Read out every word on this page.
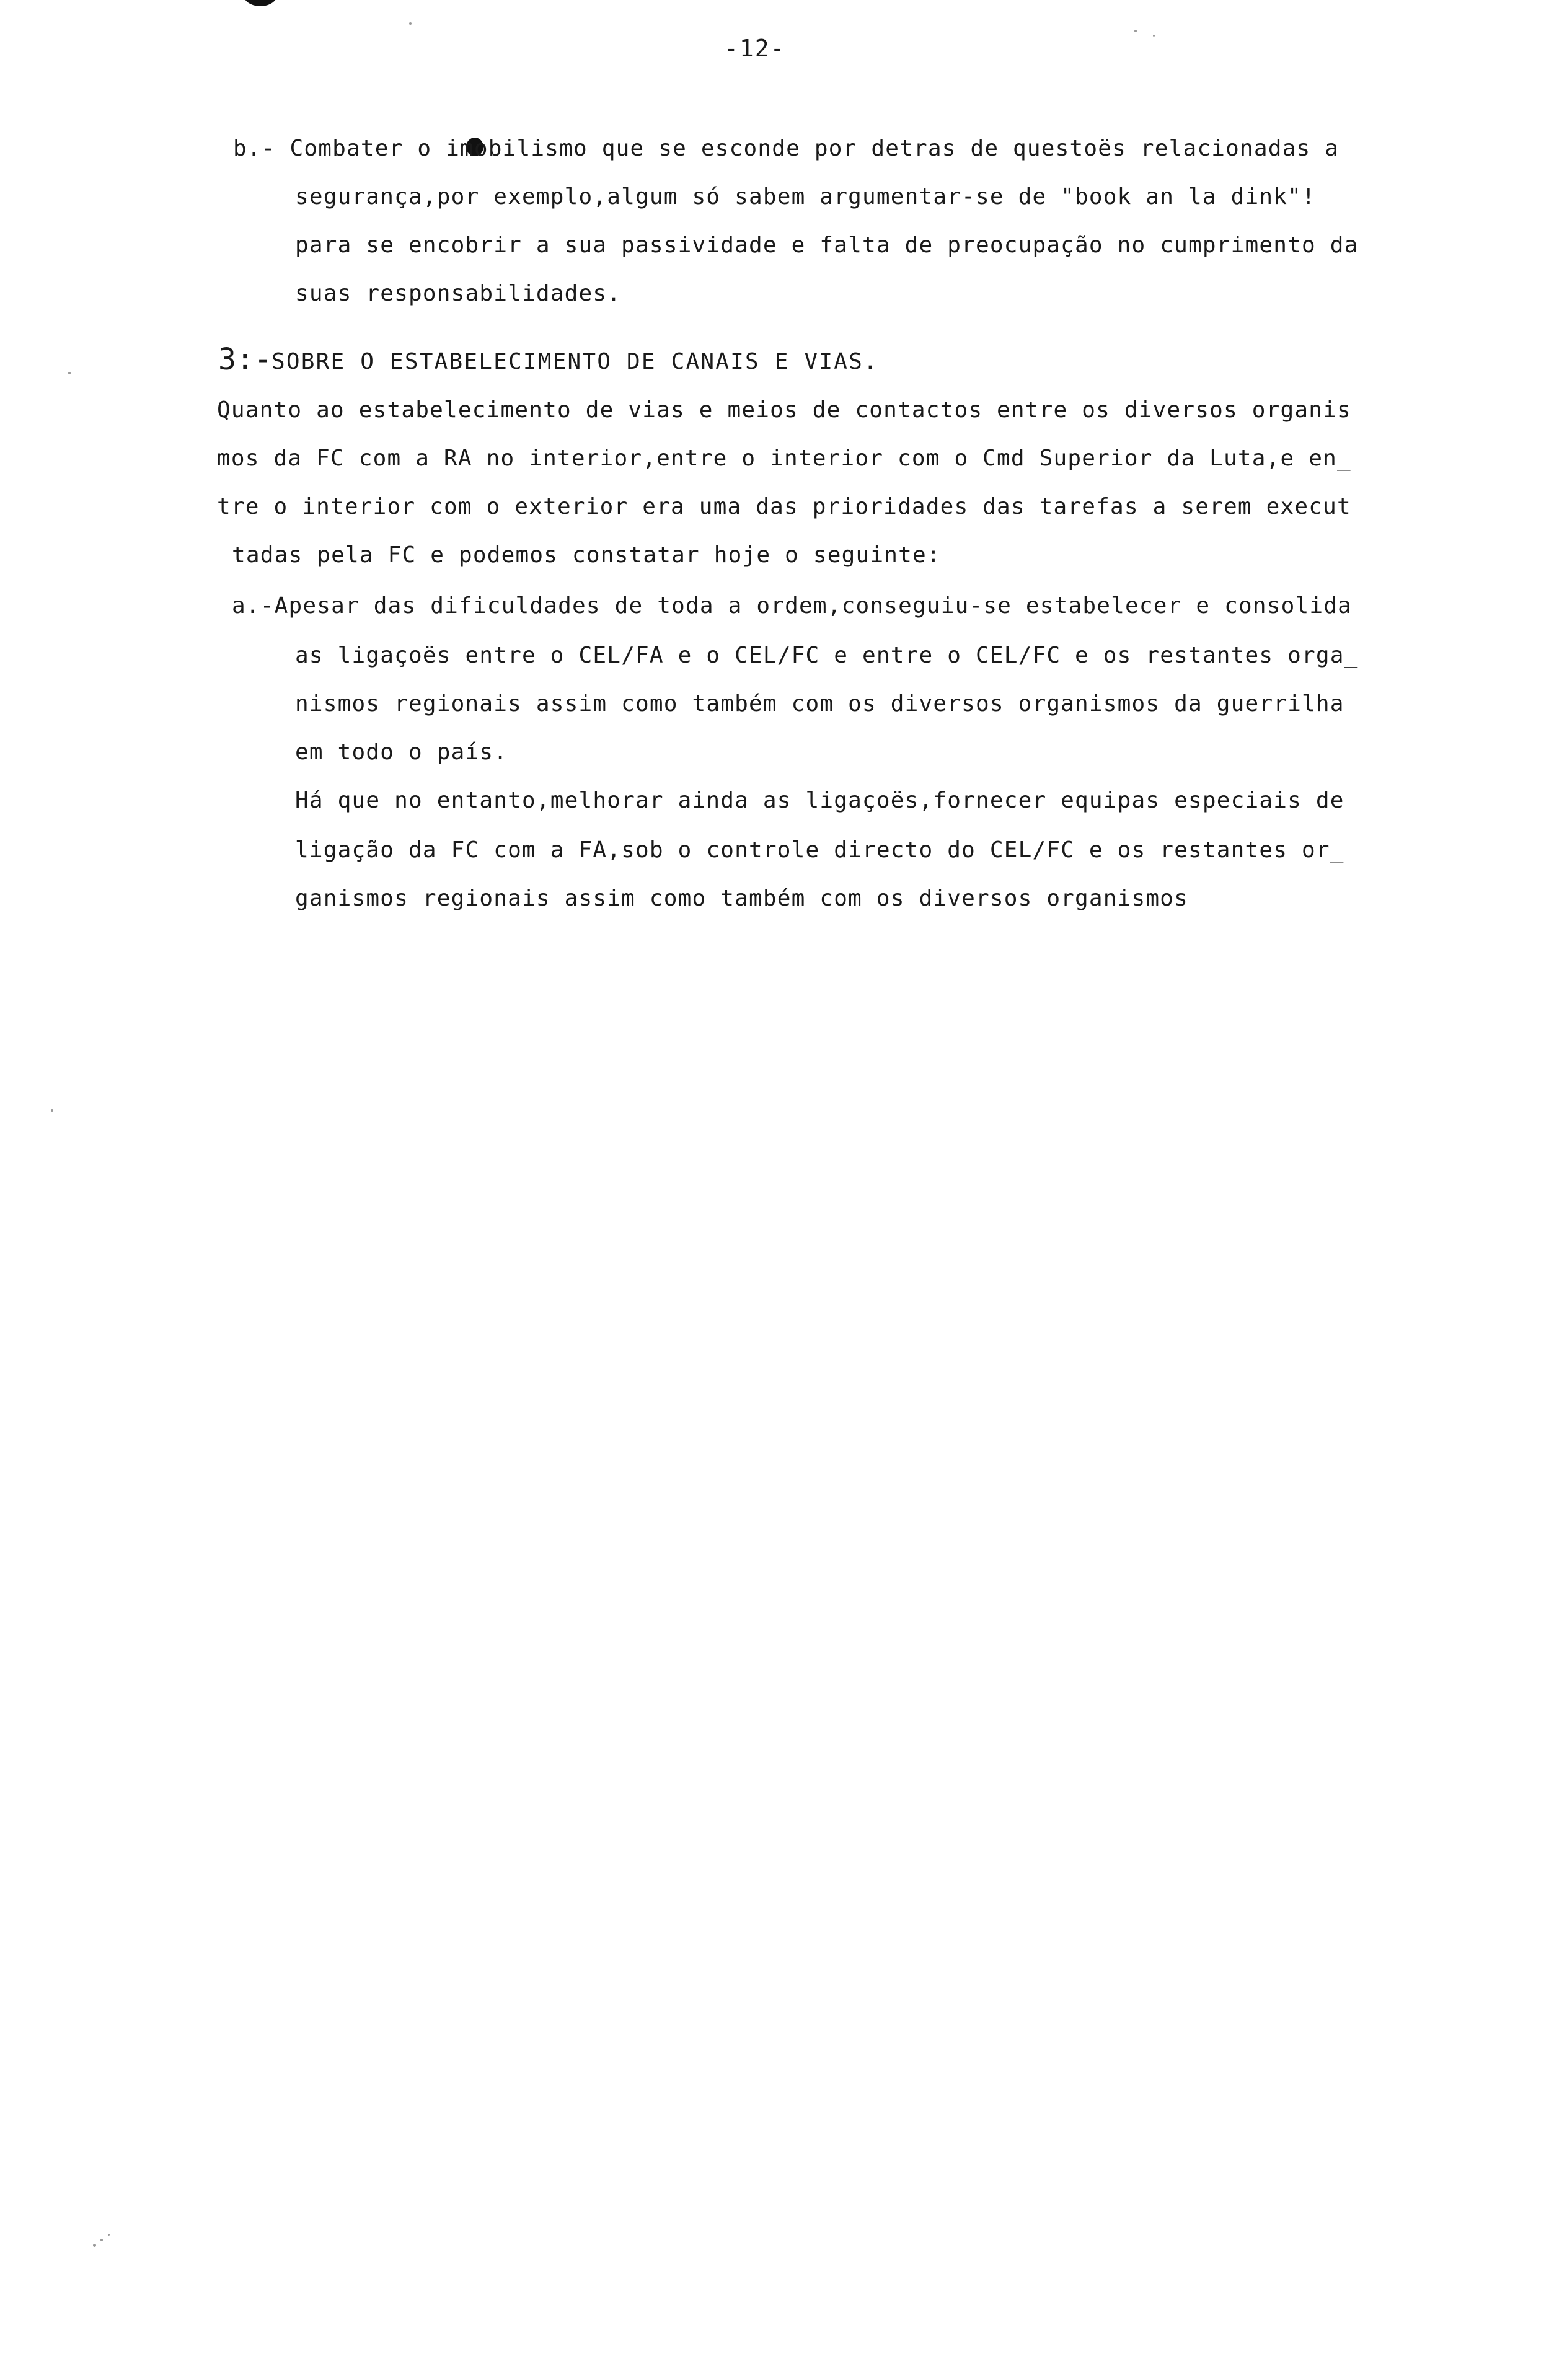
-12-
b.- Combater o imobilismo que se esconde por detras de questoës relacionadas a
segurança,por exemplo,algum só sabem argumentar-se de "book an la dink"!
para se encobrir a sua passividade e falta de preocupação no cumprimento da
suas responsabilidades.
3:- SOBRE O ESTABELECIMENTO DE CANAIS E VIAS.
Quanto ao estabelecimento de vias e meios de contactos entre os diversos organis
mos da FC com a RA no interior,entre o interior com o Cmd Superior da Luta,e en_
tre o interior com o exterior era uma das prioridades das tarefas a serem execut
tadas pela FC e podemos constatar hoje o seguinte:
a.-Apesar das dificuldades de toda a ordem,conseguiu-se estabelecer e consolida
as ligaçoës entre o CEL/FA e o CEL/FC e entre o CEL/FC e os restantes orga_
nismos regionais assim como também com os diversos organismos da guerrilha
em todo o país.
Há que no entanto,melhorar ainda as ligaçoës,fornecer equipas especiais de
ligação da FC com a FA,sob o controle directo do CEL/FC e os restantes or_
ganismos regionais assim como também com os diversos organismos
